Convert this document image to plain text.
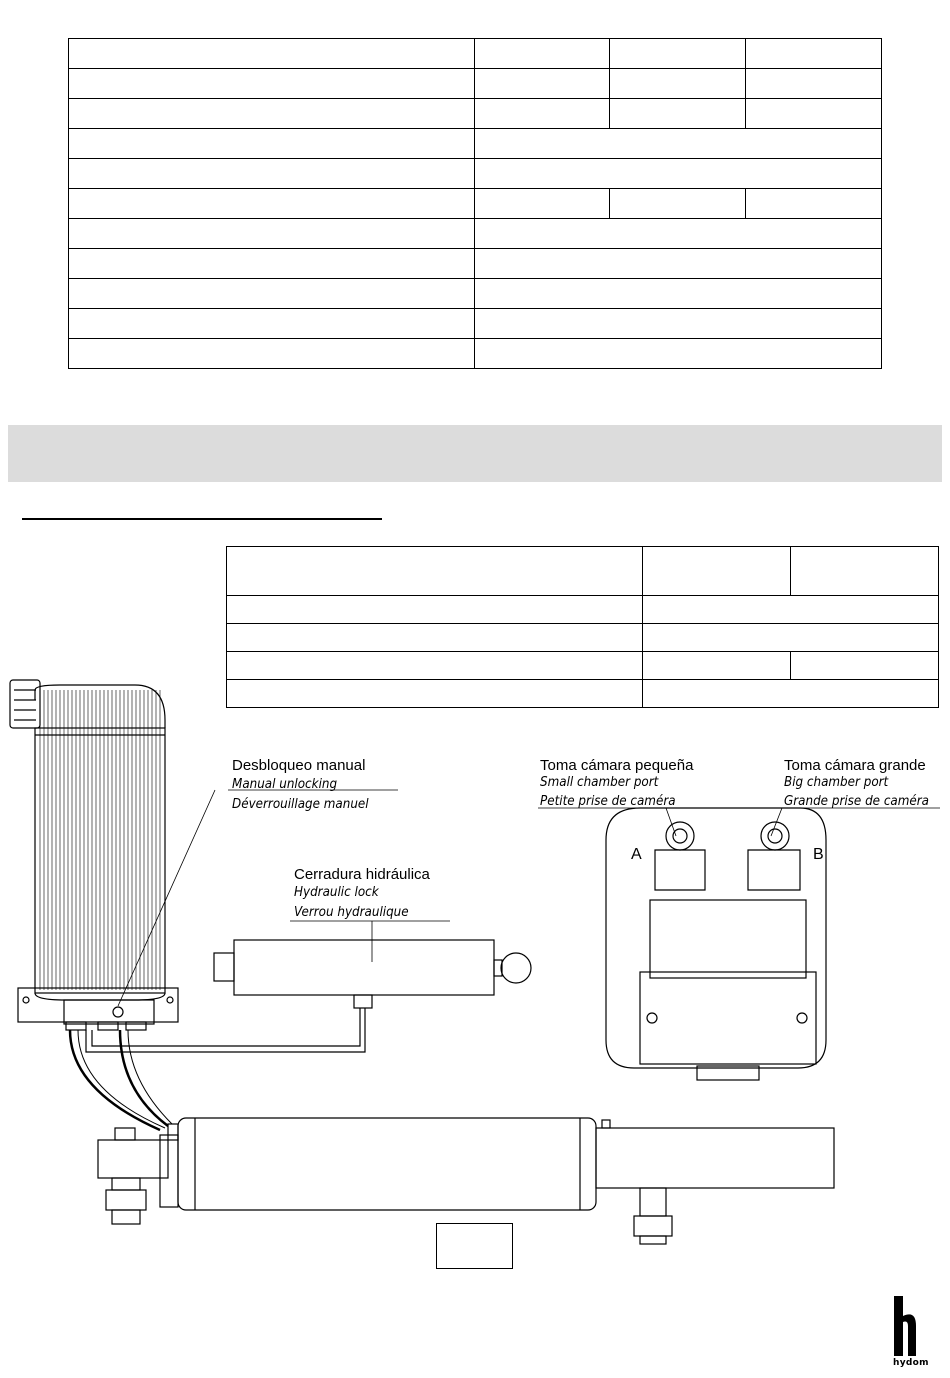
Desbloqueo manual
Manual unlocking
Déverrouillage manuel
Cerradura hidráulica
Hydraulic lock
Verrou hydraulique
Toma cámara pequeña
Small chamber port
Petite prise de caméra
Toma cámara grande
Big chamber port
Grande prise de caméra
A	B
hydom
